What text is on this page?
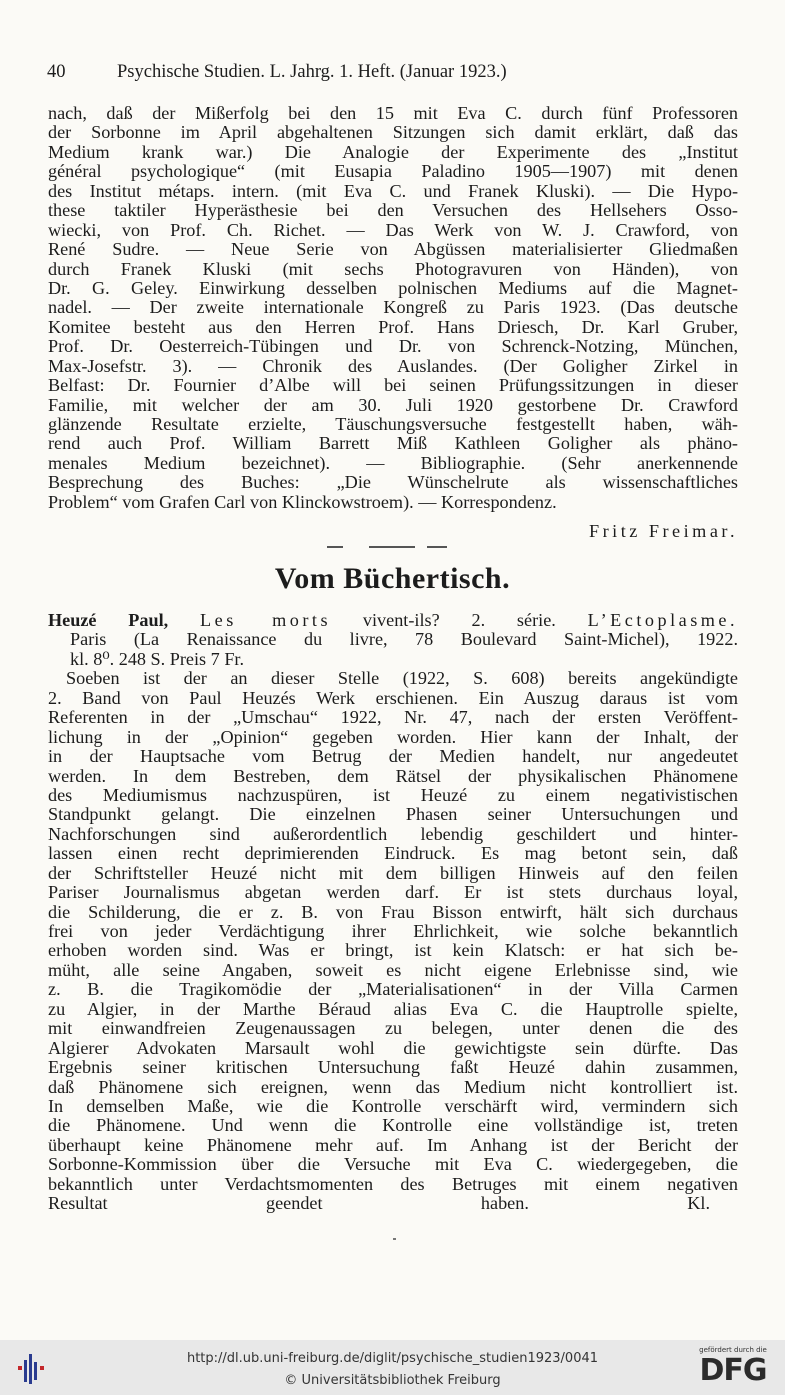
40	Psychische Studien. L. Jahrg. 1. Heft. (Januar 1923.)
nach, daß der Mißerfolg bei den 15 mit Eva C. durch fünf Professoren
der Sorbonne im April abgehaltenen Sitzungen sich damit erklärt, daß das
Medium krank war.) Die Analogie der Experimente des „Institut
général psychologique“ (mit Eusapia Paladino 1905—1907) mit denen
des Institut métaps. intern. (mit Eva C. und Franek Kluski). — Die Hypo-
these taktiler Hyperästhesie bei den Versuchen des Hellsehers Osso-
wiecki, von Prof. Ch. Richet. — Das Werk von W. J. Crawford, von
René Sudre. — Neue Serie von Abgüssen materialisierter Gliedmaßen
durch Franek Kluski (mit sechs Photogravuren von Händen), von
Dr. G. Geley. Einwirkung desselben polnischen Mediums auf die Magnet-
nadel. — Der zweite internationale Kongreß zu Paris 1923. (Das deutsche
Komitee besteht aus den Herren Prof. Hans Driesch, Dr. Karl Gruber,
Prof. Dr. Oesterreich-Tübingen und Dr. von Schrenck-Notzing, München,
Max-Josefstr. 3). — Chronik des Auslandes. (Der Goligher Zirkel in
Belfast: Dr. Fournier d’Albe will bei seinen Prüfungssitzungen in dieser
Familie, mit welcher der am 30. Juli 1920 gestorbene Dr. Crawford
glänzende Resultate erzielte, Täuschungsversuche festgestellt haben, wäh-
rend auch Prof. William Barrett Miß Kathleen Goligher als phäno-
menales Medium bezeichnet). — Bibliographie. (Sehr anerkennende
Besprechung des Buches: „Die Wünschelrute als wissenschaftliches
Problem“ vom Grafen Carl von Klinckowstroem). — Korrespondenz.
Fritz Freimar.
Vom Büchertisch.
Heuzé Paul, Les morts vivent-ils? 2. série. L’Ectoplasme.
Paris (La Renaissance du livre, 78 Boulevard Saint-Michel), 1922.
kl. 8⁰. 248 S. Preis 7 Fr.
Soeben ist der an dieser Stelle (1922, S. 608) bereits angekündigte
2. Band von Paul Heuzés Werk erschienen. Ein Auszug daraus ist vom
Referenten in der „Umschau“ 1922, Nr. 47, nach der ersten Veröffent-
lichung in der „Opinion“ gegeben worden. Hier kann der Inhalt, der
in der Hauptsache vom Betrug der Medien handelt, nur angedeutet
werden. In dem Bestreben, dem Rätsel der physikalischen Phänomene
des Mediumismus nachzuspüren, ist Heuzé zu einem negativistischen
Standpunkt gelangt. Die einzelnen Phasen seiner Untersuchungen und
Nachforschungen sind außerordentlich lebendig geschildert und hinter-
lassen einen recht deprimierenden Eindruck. Es mag betont sein, daß
der Schriftsteller Heuzé nicht mit dem billigen Hinweis auf den feilen
Pariser Journalismus abgetan werden darf. Er ist stets durchaus loyal,
die Schilderung, die er z. B. von Frau Bisson entwirft, hält sich durchaus
frei von jeder Verdächtigung ihrer Ehrlichkeit, wie solche bekanntlich
erhoben worden sind. Was er bringt, ist kein Klatsch: er hat sich be-
müht, alle seine Angaben, soweit es nicht eigene Erlebnisse sind, wie
z. B. die Tragikomödie der „Materialisationen“ in der Villa Carmen
zu Algier, in der Marthe Béraud alias Eva C. die Hauptrolle spielte,
mit einwandfreien Zeugenaussagen zu belegen, unter denen die des
Algierer Advokaten Marsault wohl die gewichtigste sein dürfte. Das
Ergebnis seiner kritischen Untersuchung faßt Heuzé dahin zusammen,
daß Phänomene sich ereignen, wenn das Medium nicht kontrolliert ist.
In demselben Maße, wie die Kontrolle verschärft wird, vermindern sich
die Phänomene. Und wenn die Kontrolle eine vollständige ist, treten
überhaupt keine Phänomene mehr auf. Im Anhang ist der Bericht der
Sorbonne-Kommission über die Versuche mit Eva C. wiedergegeben, die
bekanntlich unter Verdachtsmomenten des Betruges mit einem negativen
Resultat geendet haben.	Kl.
http://dl.ub.uni-freiburg.de/diglit/psychische_studien1923/0041
© Universitätsbibliothek Freiburg
gefördert durch die
DFG
